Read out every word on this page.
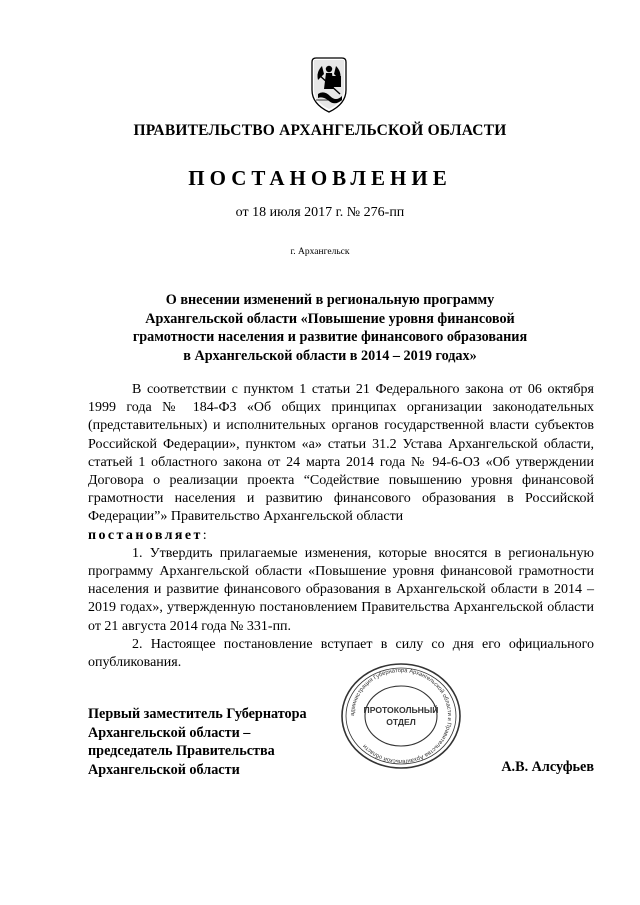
ПРАВИТЕЛЬСТВО АРХАНГЕЛЬСКОЙ ОБЛАСТИ
ПОСТАНОВЛЕНИЕ
от 18 июля 2017 г. № 276-пп
г. Архангельск
О внесении изменений в региональную программу
Архангельской области «Повышение уровня финансовой
грамотности населения и развитие финансового образования
в Архангельской области в 2014 – 2019 годах»

В соответствии с пунктом 1 статьи 21 Федерального закона от 06 октября 1999 года № 184-ФЗ «Об общих принципах организации законодательных (представительных) и исполнительных органов государственной власти субъектов Российской Федерации», пунктом «а» статьи 31.2 Устава Архангельской области, статьей 1 областного закона от 24 марта 2014 года № 94-6-ОЗ «Об утверждении Договора о реализации проекта “Содействие повышению уровня финансовой грамотности населения и развитию финансового образования в Российской Федерации”» Правительство Архангельской области

постановляет:

1. Утвердить прилагаемые изменения, которые вносятся в региональную программу Архангельской области «Повышение уровня финансовой грамотности населения и развитие финансового образования в Архангельской области в 2014 – 2019 годах», утвержденную постановлением Правительства Архангельской области от 21 августа 2014 года № 331-пп.

2. Настоящее постановление вступает в силу со дня его официального опубликования.

Первый заместитель Губернатора
Архангельской области –
председатель Правительства
Архангельской области
администрация Губернатора Архангельской области и Правительства Архангельской области
ПРОТОКОЛЬНЫЙ
ОТДЕЛ
А.В. Алсуфьев
